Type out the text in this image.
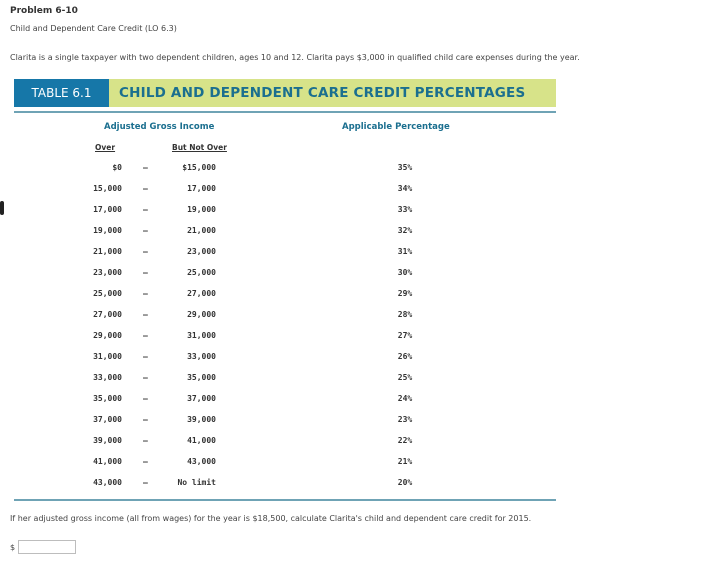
Problem 6-10
Child and Dependent Care Credit (LO 6.3)
Clarita is a single taxpayer with two dependent children, ages 10 and 12. Clarita pays $3,000 in qualified child care expenses during the year.
TABLE 6.1	CHILD AND DEPENDENT CARE CREDIT PERCENTAGES
Adjusted Gross Income	Applicable Percentage
Over	But Not Over
$0	–	$15,000	35%
15,000	–	17,000	34%
17,000	–	19,000	33%
19,000	–	21,000	32%
21,000	–	23,000	31%
23,000	–	25,000	30%
25,000	–	27,000	29%
27,000	–	29,000	28%
29,000	–	31,000	27%
31,000	–	33,000	26%
33,000	–	35,000	25%
35,000	–	37,000	24%
37,000	–	39,000	23%
39,000	–	41,000	22%
41,000	–	43,000	21%
43,000	–	No limit	20%
If her adjusted gross income (all from wages) for the year is $18,500, calculate Clarita's child and dependent care credit for 2015.
$
